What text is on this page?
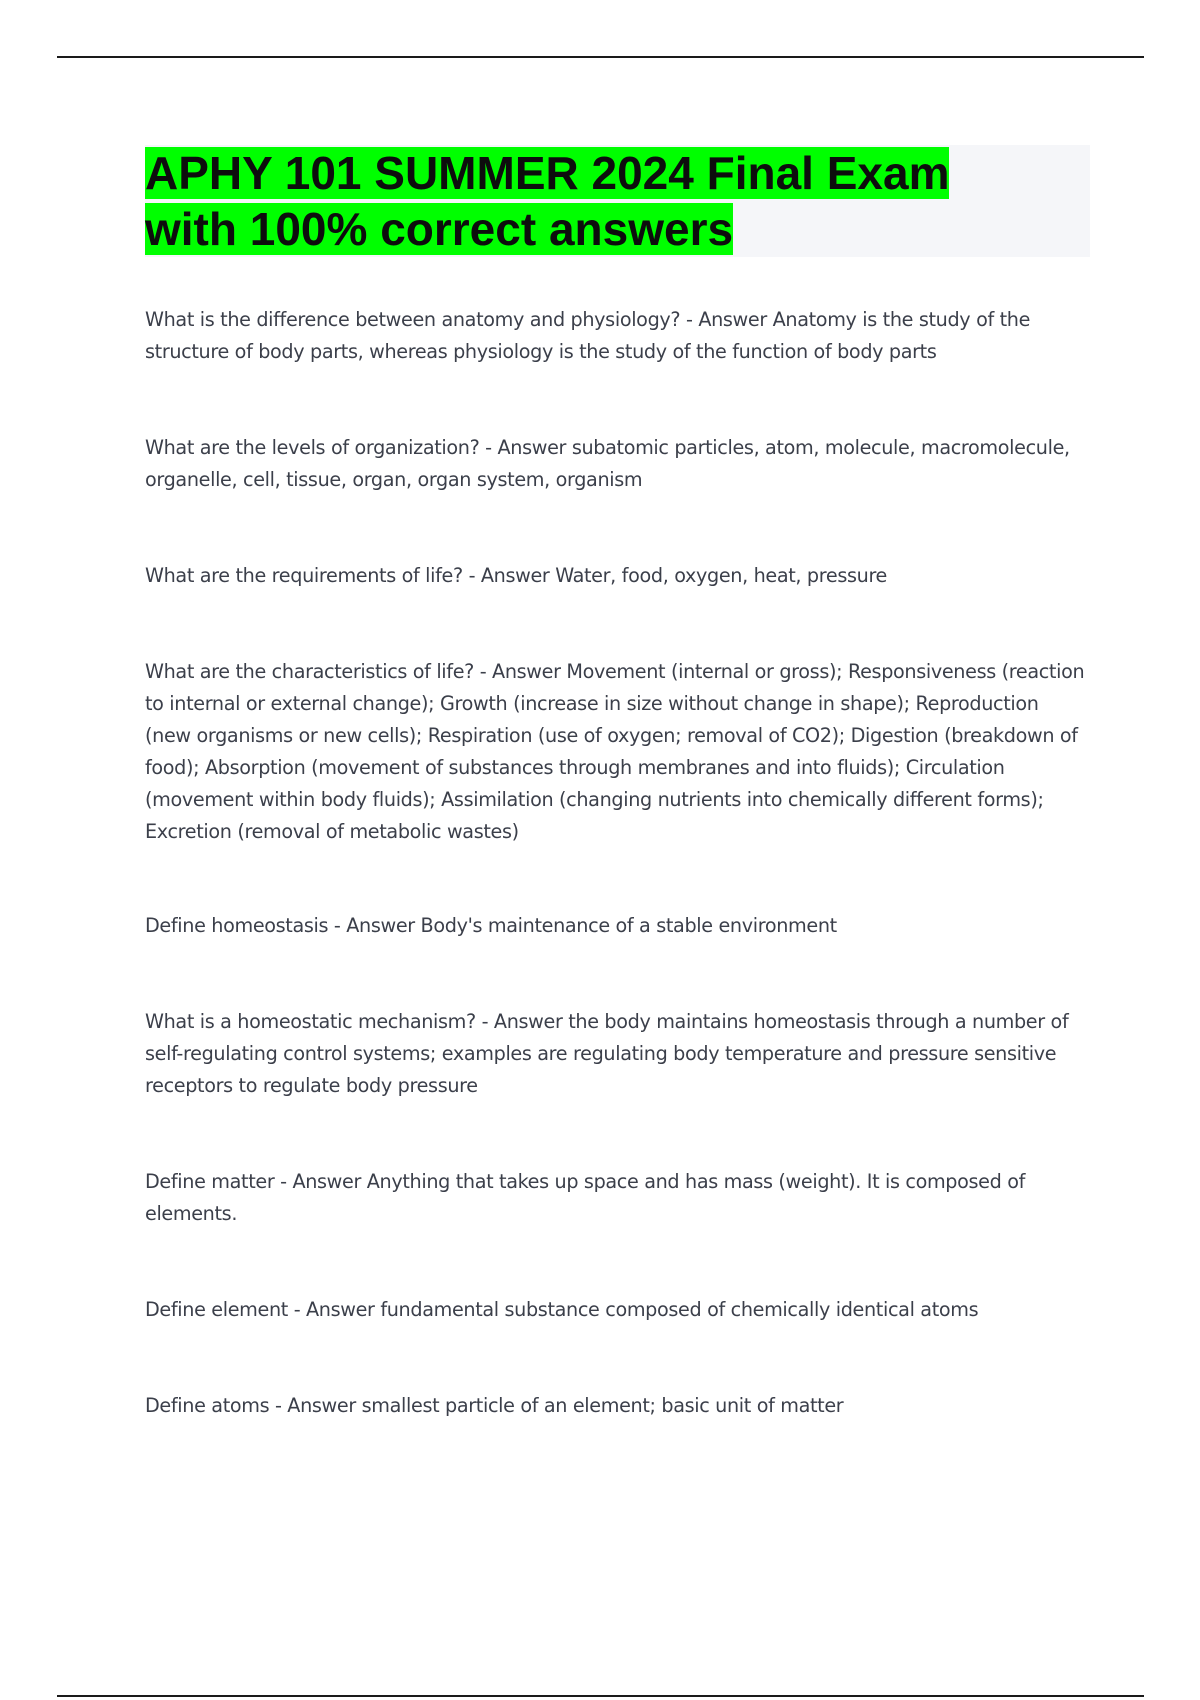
APHY 101 SUMMER 2024 Final Exam
with 100% correct answers

What is the difference between anatomy and physiology? - Answer Anatomy is the study of the structure of body parts, whereas physiology is the study of the function of body parts

What are the levels of organization? - Answer subatomic particles, atom, molecule, macromolecule, organelle, cell, tissue, organ, organ system, organism

What are the requirements of life? - Answer Water, food, oxygen, heat, pressure

What are the characteristics of life? - Answer Movement (internal or gross); Responsiveness (reaction to internal or external change); Growth (increase in size without change in shape); Reproduction (new organisms or new cells); Respiration (use of oxygen; removal of CO2); Digestion (breakdown of food); Absorption (movement of substances through membranes and into fluids); Circulation (movement within body fluids); Assimilation (changing nutrients into chemically different forms); Excretion (removal of metabolic wastes)

Define homeostasis - Answer Body's maintenance of a stable environment

What is a homeostatic mechanism? - Answer the body maintains homeostasis through a number of self-regulating control systems; examples are regulating body temperature and pressure sensitive receptors to regulate body pressure

Define matter - Answer Anything that takes up space and has mass (weight). It is composed of elements.

Define element - Answer fundamental substance composed of chemically identical atoms

Define atoms - Answer smallest particle of an element; basic unit of matter
